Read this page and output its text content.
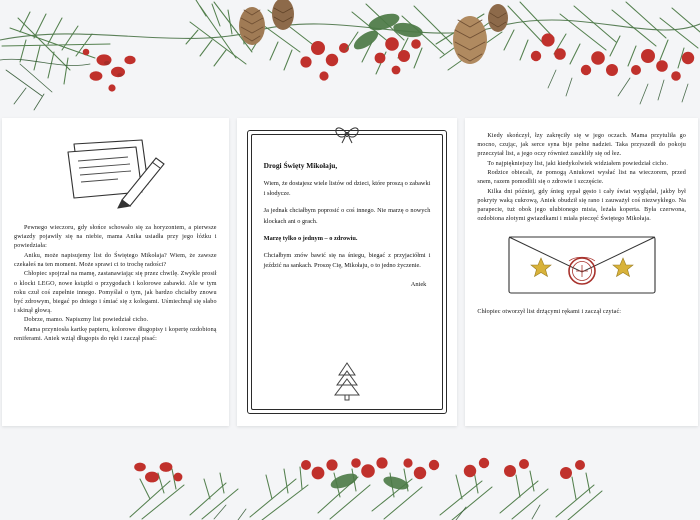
Pewnego wieczoru, gdy słońce schowało się za horyzontem, a pierwsze gwiazdy pojawiły się na niebie, mama Anika usiadła przy jego łóżku i powiedziała:

Aniku, może napisujemy list do Świętego Mikołaja? Wiem, że zawsze czekałeś na ten moment. Może sprawi ci to trochę radości?

Chłopiec spojrzał na mamę, zastanawiając się przez chwilę. Zwykle prosił o klocki LEGO, nowe książki o przygodach i kolorowe zabawki. Ale w tym roku czuł coś zupełnie innego. Pomyślał o tym, jak bardzo chciałby znowu być zdrowym, biegać po dniego i śmiać się z kolegami. Uśmiechnął się słabo i skinął głową.

Dobrze, mamo. Napiszmy list powiedział cicho.

Mama przyniosła kartkę papieru, kolorowe długopisy i kopertę ozdobioną reniferami. Aniek wziął długopis do ręki i zaczął pisać:

Drogi Święty Mikołaju,

Wiem, że dostajesz wiele listów od dzieci, które proszą o zabawki i słodycze.

Ja jednak chciałbym poprosić o coś innego. Nie marzę o nowych klockach ani o grach.

Marzę tylko o jednym – o zdrowiu.

Chciałbym znów bawić się na śniegu, biegać z przyjaciółmi i jeździć na sankach. Proszę Cię, Mikołaju, o to jedno życzenie.

Aniek

Kiedy skończył, łzy zakręciły się w jego oczach. Mama przytuliła go mocno, czując, jak serce syna bije pełne nadziei. Taka przyszedł do pokoju przeczytał list, a jego oczy również zaszkliły się od łez.

To najpiękniejszy list, jaki kiedykolwiek widziałem powiedział cicho.

Rodzice obiecali, że pomogą Aniukowi wysłać list na wieczorem, przed snem, razem pomodlili się o zdrowie i szczęście.

Kilka dni później, gdy śnieg sypał gęsto i cały świat wyglądał, jakby był pokryty waką cukrową, Aniek obudził się rano i zauważył coś niezwykłego. Na parapecie, tuż obok jego ulubionego misia, leżała koperta. Była czerwona, ozdobiona złotymi gwiazdkami i miała pieczęć Świętego Mikołaja.

Chłopiec otworzył list drżącymi rękami i zaczął czytać:
